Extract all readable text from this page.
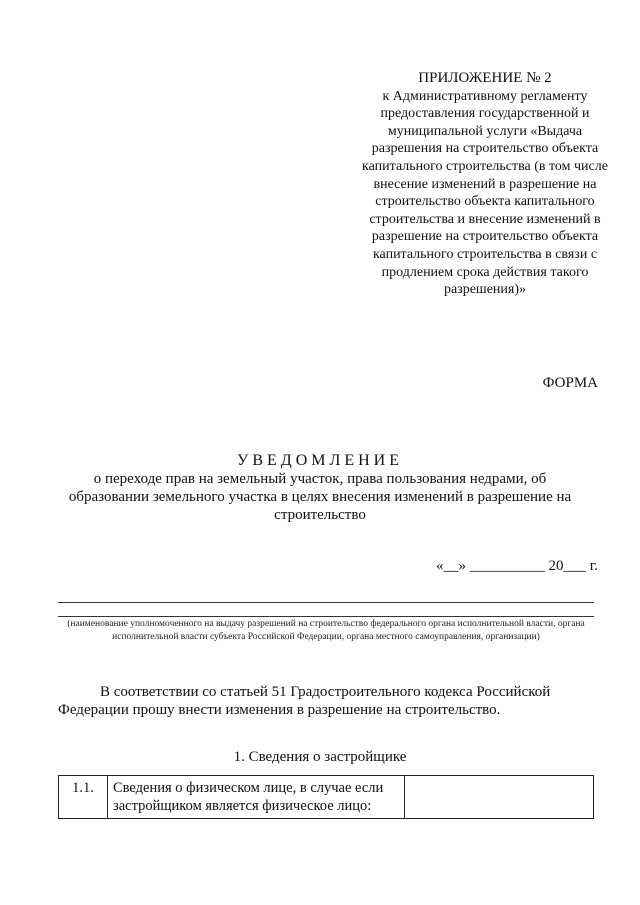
ПРИЛОЖЕНИЕ № 2
к Административному регламенту предоставления государственной и муниципальной услуги «Выдача разрешения на строительство объекта капитального строительства (в том числе внесение изменений в разрешение на строительство объекта капитального строительства и внесение изменений в разрешение на строительство объекта капитального строительства в связи с продлением срока действия такого разрешения)»
ФОРМА
УВЕДОМЛЕНИЕ
о переходе прав на земельный участок, права пользования недрами, об образовании земельного участка в целях внесения изменений в разрешение на строительство
«__» __________ 20___ г.
(наименование уполномоченного на выдачу разрешений на строительство федерального органа исполнительной власти, органа исполнительной власти субъекта Российской Федерации, органа местного самоуправления, организации)
В соответствии со статьей 51 Градостроительного кодекса Российской Федерации прошу внести изменения в разрешение на строительство.
1. Сведения о застройщике
1.1.	Сведения о физическом лице, в случае если застройщиком является физическое лицо:	
